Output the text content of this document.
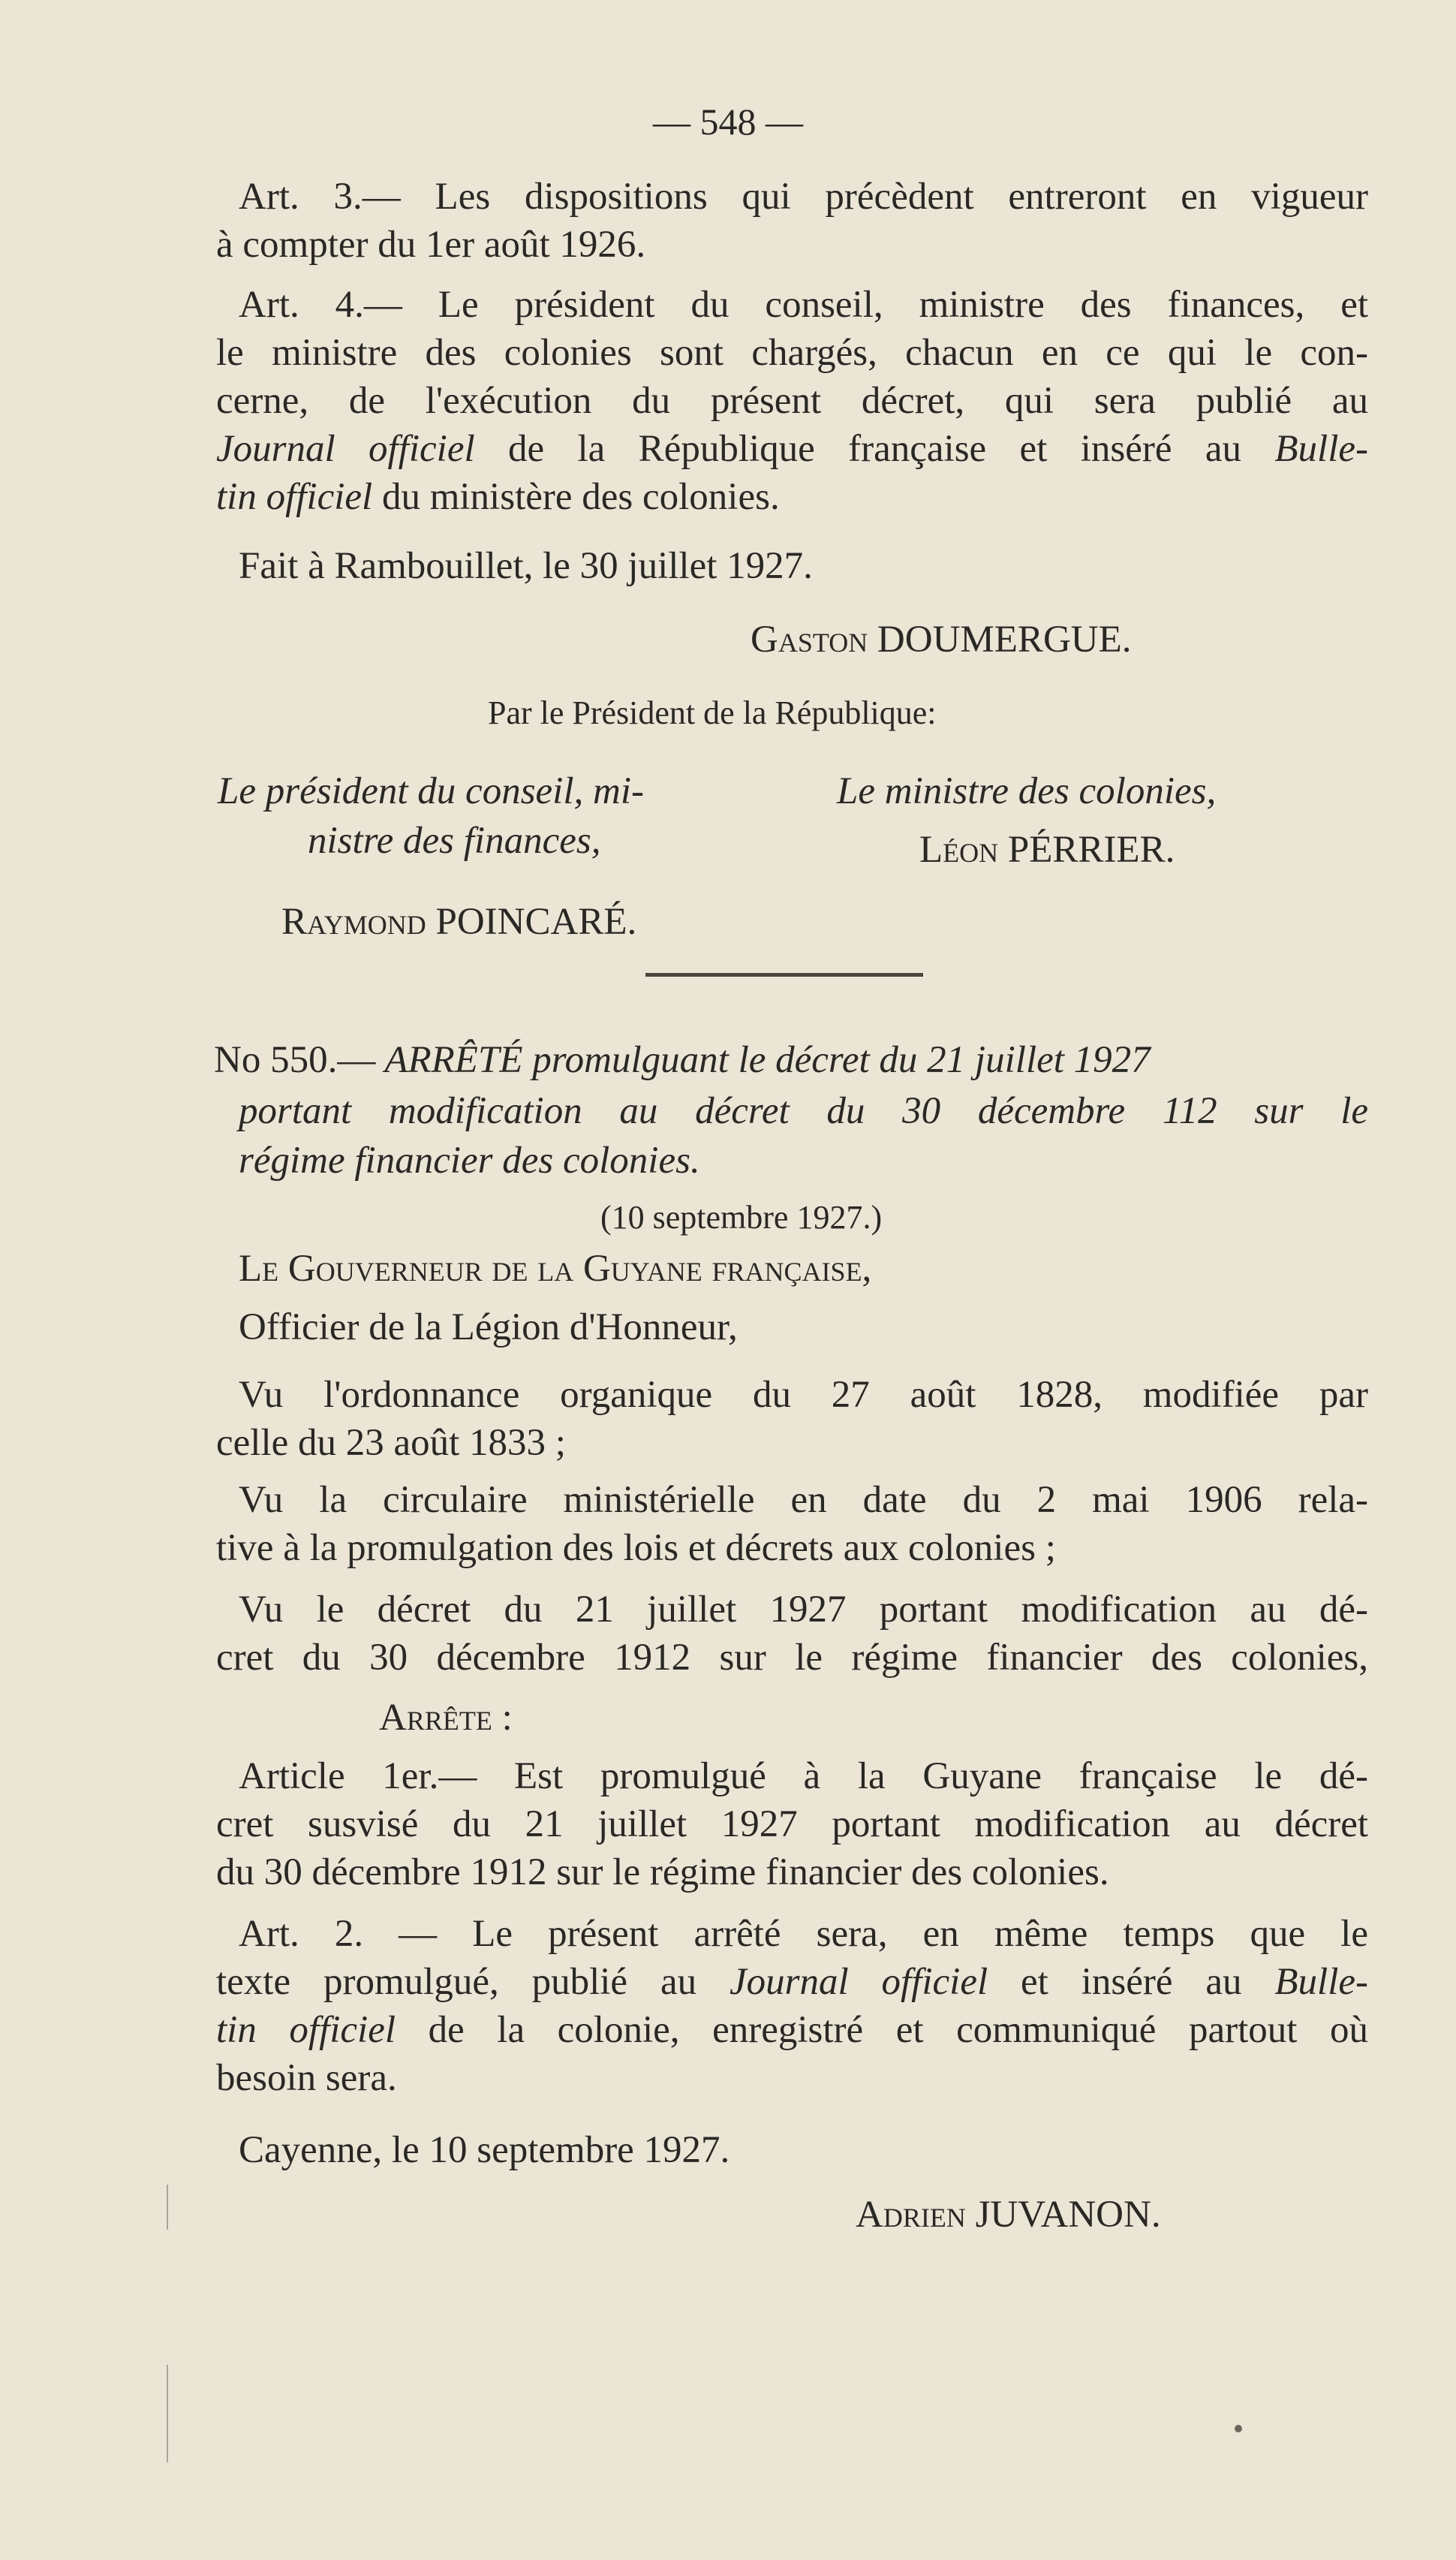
— 548 —
Art. 3.— Les dispositions qui précèdent entreront en vigueur
à compter du 1er août 1926.
Art. 4.— Le président du conseil, ministre des finances, et
le ministre des colonies sont chargés, chacun en ce qui le con-
cerne, de l'exécution du présent décret, qui sera publié au
Journal officiel de la République française et inséré au Bulle-
tin officiel du ministère des colonies.
Fait à Rambouillet, le 30 juillet 1927.
Gaston DOUMERGUE.
Par le Président de la République:
Le président du conseil, mi-
nistre des finances,
Raymond POINCARÉ.
Le ministre des colonies,
Léon PÉRRIER.
No 550.— ARRÊTÉ promulguant le décret du 21 juillet 1927
portant modification au décret du 30 décembre 112 sur le
régime financier des colonies.
(10 septembre 1927.)
Le Gouverneur de la Guyane française,
Officier de la Légion d'Honneur,
Vu l'ordonnance organique du 27 août 1828, modifiée par
celle du 23 août 1833 ;
Vu la circulaire ministérielle en date du 2 mai 1906 rela-
tive à la promulgation des lois et décrets aux colonies ;
Vu le décret du 21 juillet 1927 portant modification au dé-
cret du 30 décembre 1912 sur le régime financier des colonies,
Arrête :
Article 1er.— Est promulgué à la Guyane française le dé-
cret susvisé du 21 juillet 1927 portant modification au décret
du 30 décembre 1912 sur le régime financier des colonies.
Art. 2. — Le présent arrêté sera, en même temps que le
texte promulgué, publié au Journal officiel et inséré au Bulle-
tin officiel de la colonie, enregistré et communiqué partout où
besoin sera.
Cayenne, le 10 septembre 1927.
Adrien JUVANON.
